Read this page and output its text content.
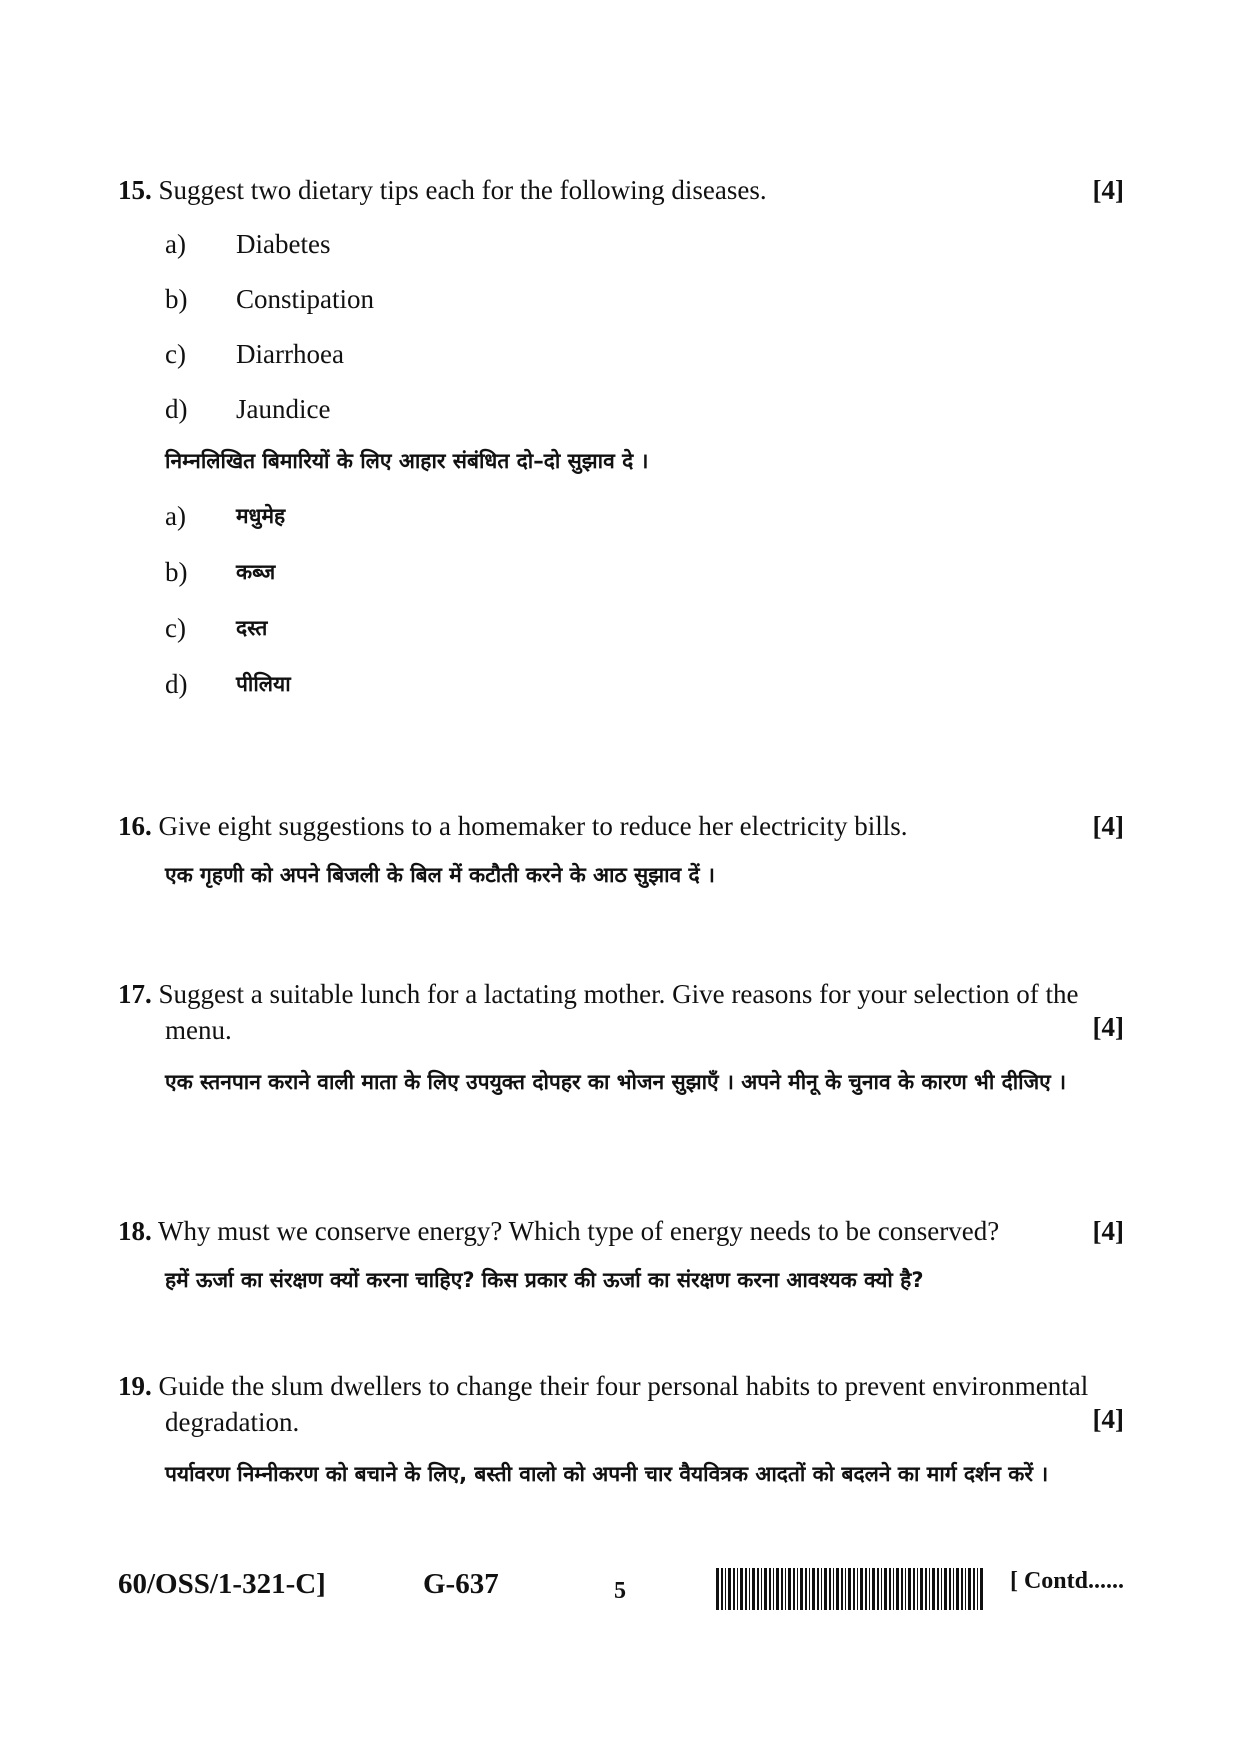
15. Suggest two dietary tips each for the following diseases.	[4]
a) Diabetes
b) Constipation
c) Diarrhoea
d) Jaundice
निम्नलिखित बिमारियों के लिए आहार संबंधित दो–दो सुझाव दे ।
a) मधुमेह
b) कब्ज
c) दस्त
d) पीलिया
16. Give eight suggestions to a homemaker to reduce her electricity bills.	[4]
एक गृहणी को अपने बिजली के बिल में कटौती करने के आठ सुझाव दें ।
17. Suggest a suitable lunch for a lactating mother. Give reasons for your selection of the menu.	[4]
एक स्तनपान कराने वाली माता के लिए उपयुक्त दोपहर का भोजन सुझाएँ । अपने मीनू के चुनाव के कारण भी दीजिए ।
18. Why must we conserve energy? Which type of energy needs to be conserved?	[4]
हमें ऊर्जा का संरक्षण क्यों करना चाहिए? किस प्रकार की ऊर्जा का संरक्षण करना आवश्यक क्यो है?
19. Guide the slum dwellers to change their four personal habits to prevent environmental degradation.	[4]
पर्यावरण निम्नीकरण को बचाने के लिए, बस्ती वालो को अपनी चार वैयवित्रक आदतों को बदलने का मार्ग दर्शन करें ।
60/OSS/1-321-C]	G-637	5	[ Contd......
